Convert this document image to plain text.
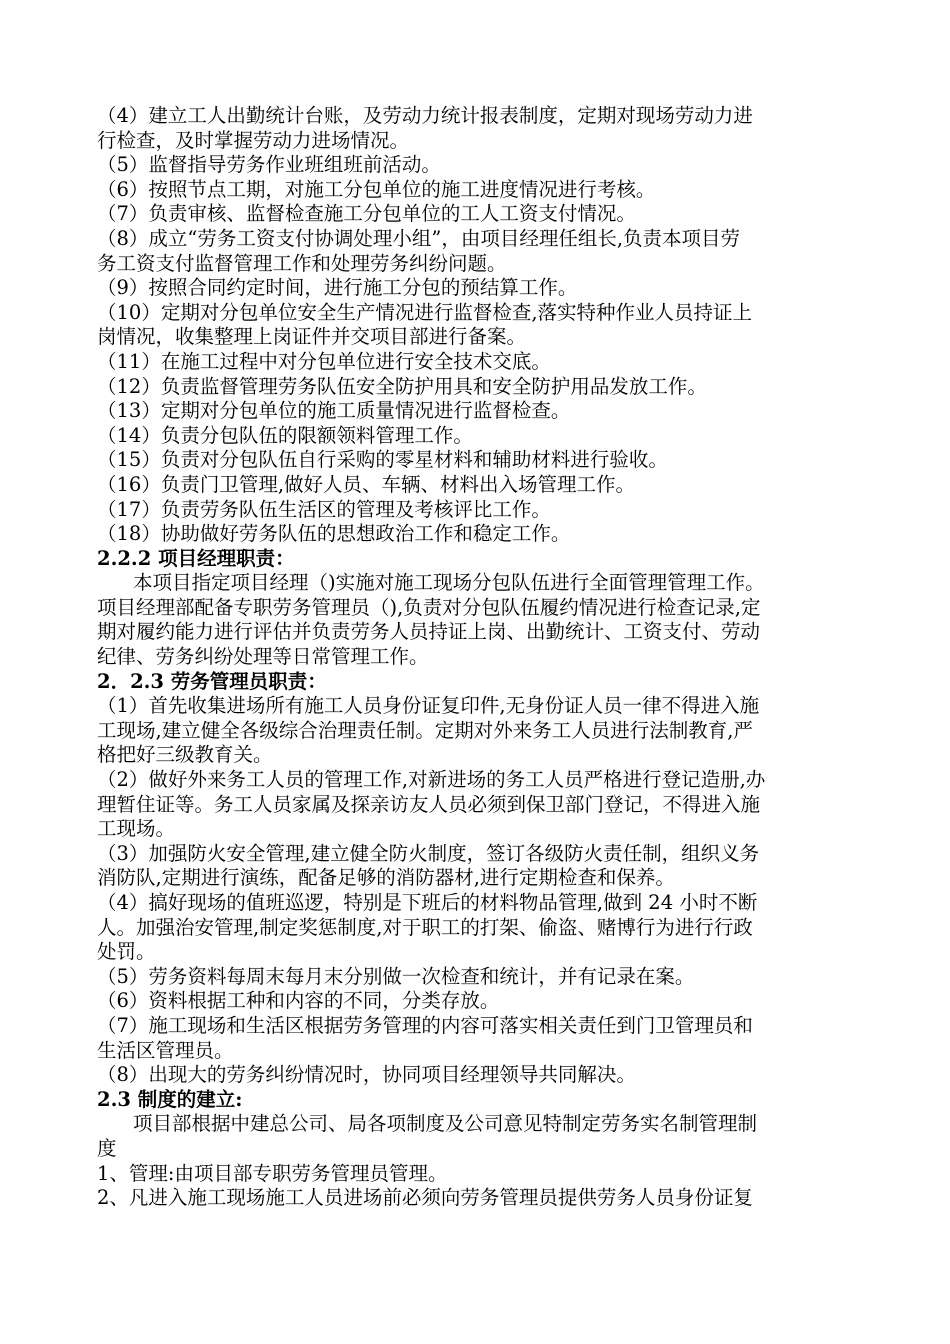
（4）建立工人出勤统计台账，及劳动力统计报表制度，定期对现场劳动力进
行检查，及时掌握劳动力进场情况。
（5）监督指导劳务作业班组班前活动。
（6）按照节点工期，对施工分包单位的施工进度情况进行考核。
（7）负责审核、监督检查施工分包单位的工人工资支付情况。
（8）成立“劳务工资支付协调处理小组”，由项目经理任组长,负责本项目劳
务工资支付监督管理工作和处理劳务纠纷问题。
（9）按照合同约定时间，进行施工分包的预结算工作。
（10）定期对分包单位安全生产情况进行监督检查,落实特种作业人员持证上
岗情况，收集整理上岗证件并交项目部进行备案。
（11）在施工过程中对分包单位进行安全技术交底。
（12）负责监督管理劳务队伍安全防护用具和安全防护用品发放工作。
（13）定期对分包单位的施工质量情况进行监督检查。
（14）负责分包队伍的限额领料管理工作。
（15）负责对分包队伍自行采购的零星材料和辅助材料进行验收。
（16）负责门卫管理,做好人员、车辆、材料出入场管理工作。
（17）负责劳务队伍生活区的管理及考核评比工作。
（18）协助做好劳务队伍的思想政治工作和稳定工作。
2.2.2 项目经理职责：
本项目指定项目经理（)实施对施工现场分包队伍进行全面管理管理工作。
项目经理部配备专职劳务管理员（),负责对分包队伍履约情况进行检查记录,定
期对履约能力进行评估并负责劳务人员持证上岗、出勤统计、工资支付、劳动
纪律、劳务纠纷处理等日常管理工作。
2．2.3 劳务管理员职责：
（1）首先收集进场所有施工人员身份证复印件,无身份证人员一律不得进入施
工现场,建立健全各级综合治理责任制。定期对外来务工人员进行法制教育,严
格把好三级教育关。
（2）做好外来务工人员的管理工作,对新进场的务工人员严格进行登记造册,办
理暂住证等。务工人员家属及探亲访友人员必须到保卫部门登记，不得进入施
工现场。
（3）加强防火安全管理,建立健全防火制度，签订各级防火责任制，组织义务
消防队,定期进行演练，配备足够的消防器材,进行定期检查和保养。
（4）搞好现场的值班巡逻，特别是下班后的材料物品管理,做到 24 小时不断
人。加强治安管理,制定奖惩制度,对于职工的打架、偷盗、赌博行为进行行政
处罚。
（5）劳务资料每周末每月末分别做一次检查和统计，并有记录在案。
（6）资料根据工种和内容的不同，分类存放。
（7）施工现场和生活区根据劳务管理的内容可落实相关责任到门卫管理员和
生活区管理员。
（8）出现大的劳务纠纷情况时，协同项目经理领导共同解决。
2.3 制度的建立:
项目部根据中建总公司、局各项制度及公司意见特制定劳务实名制管理制
度
1、管理:由项目部专职劳务管理员管理。
2、凡进入施工现场施工人员进场前必须向劳务管理员提供劳务人员身份证复
